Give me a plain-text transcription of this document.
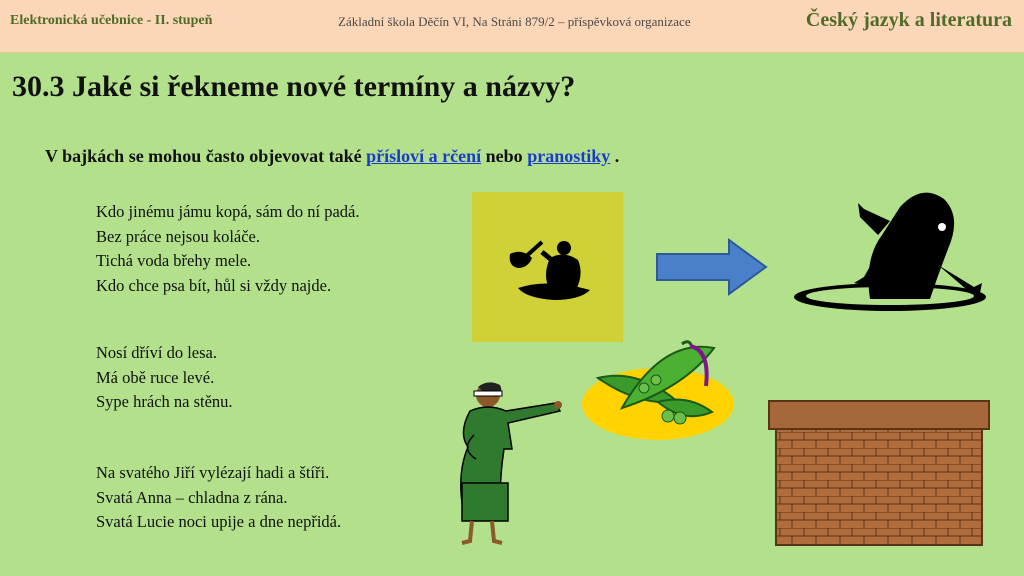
Elektronická učebnice - II. stupeň	Základní škola Děčín VI, Na Stráni 879/2 – příspěvková organizace	Český jazyk a literatura
30.3 Jaké si řekneme nové termíny a názvy?
V bajkách se mohou často objevovat také přísloví a rčení nebo pranostiky .
Kdo jinému jámu kopá, sám do ní padá.
Bez práce nejsou koláče.
Tichá voda břehy mele.
Kdo chce psa bít, hůl si vždy najde.
Nosí dříví do lesa.
Má obě ruce levé.
Sype hrách na stěnu.
Na svatého Jiří vylézají hadi a štíři.
Svatá Anna – chladna z rána.
Svatá Lucie noci upije a dne nepřidá.
